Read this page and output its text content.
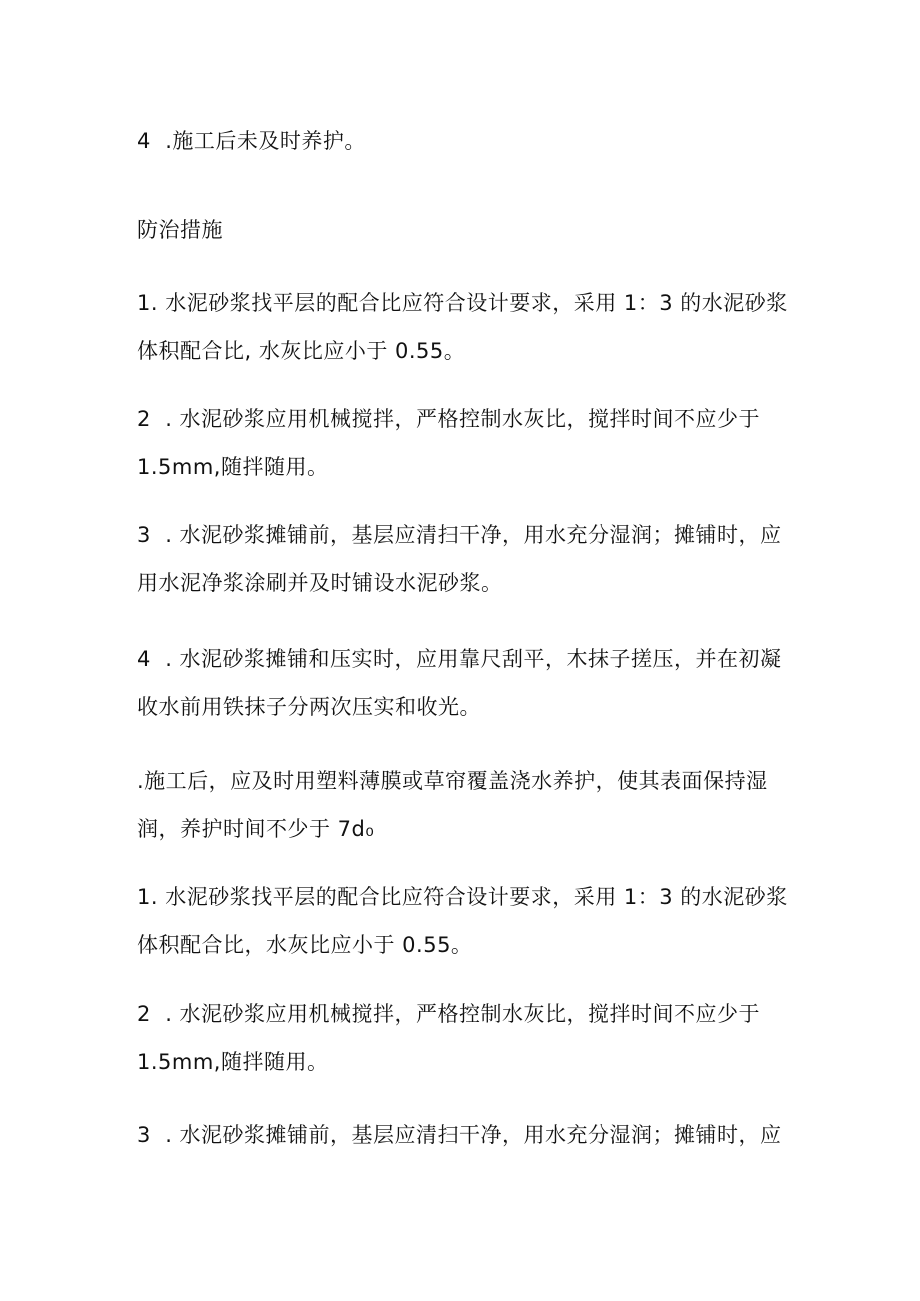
4  .施工后未及时养护。
防治措施
1. 水泥砂浆找平层的配合比应符合设计要求，采用 1：3 的水泥砂浆
体积配合比, 水灰比应小于 0.55。
2  . 水泥砂浆应用机械搅拌，严格控制水灰比，搅拌时间不应少于
1.5mm,随拌随用。
3  . 水泥砂浆摊铺前，基层应清扫干净，用水充分湿润；摊铺时，应
用水泥净浆涂刷并及时铺设水泥砂浆。
4  . 水泥砂浆摊铺和压实时，应用靠尺刮平，木抹子搓压，并在初凝
收水前用铁抹子分两次压实和收光。
.施工后，应及时用塑料薄膜或草帘覆盖浇水养护，使其表面保持湿
润，养护时间不少于 7d₀
1. 水泥砂浆找平层的配合比应符合设计要求，采用 1：3 的水泥砂浆
体积配合比，水灰比应小于 0.55。
2  . 水泥砂浆应用机械搅拌，严格控制水灰比，搅拌时间不应少于
1.5mm,随拌随用。
3  . 水泥砂浆摊铺前，基层应清扫干净，用水充分湿润；摊铺时，应
